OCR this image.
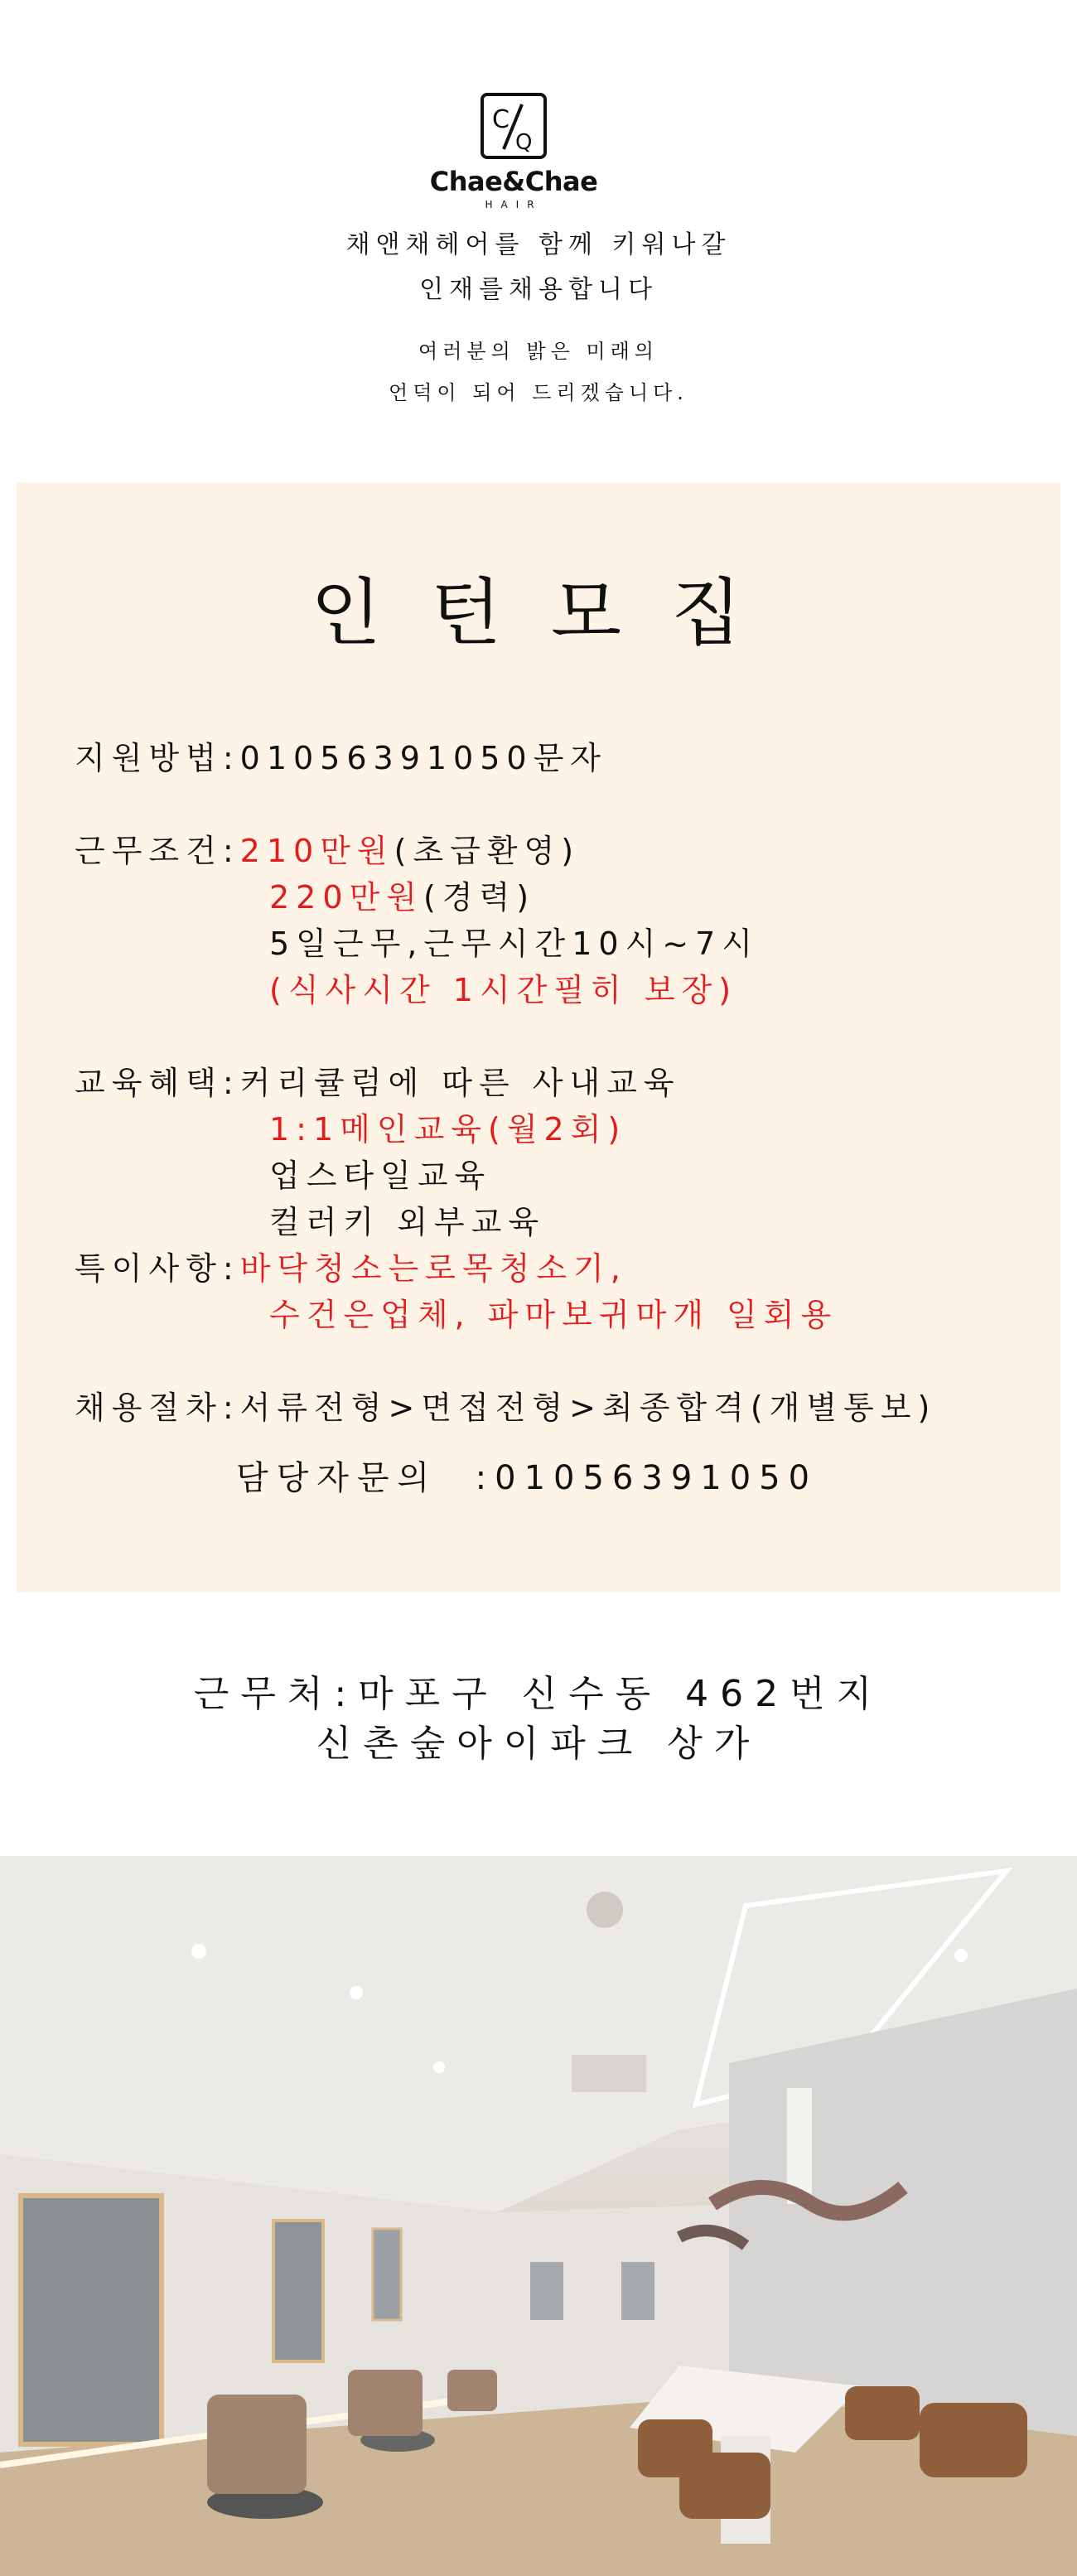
C
Q
Chae&Chae
HAIR
채앤채헤어를 함께 키워나갈
인재를채용합니다
여러분의 밝은 미래의
언덕이 되어 드리겠습니다.
인턴모집
지원방법:01056391050문자
근무조건:210만원(초급환영)
220만원(경력)
5일근무,근무시간10시~7시
(식사시간 1시간필히 보장)
교육혜택:커리큘럼에 따른 사내교육
1:1메인교육(월2회)
업스타일교육
컬러키 외부교육
특이사항:바닥청소는로목청소기,
수건은업체, 파마보귀마개 일회용
채용절차:서류전형>면접전형>최종합격(개별통보)
담당자문의 :01056391050
근무처:마포구 신수동 462번지
신촌숲아이파크 상가
